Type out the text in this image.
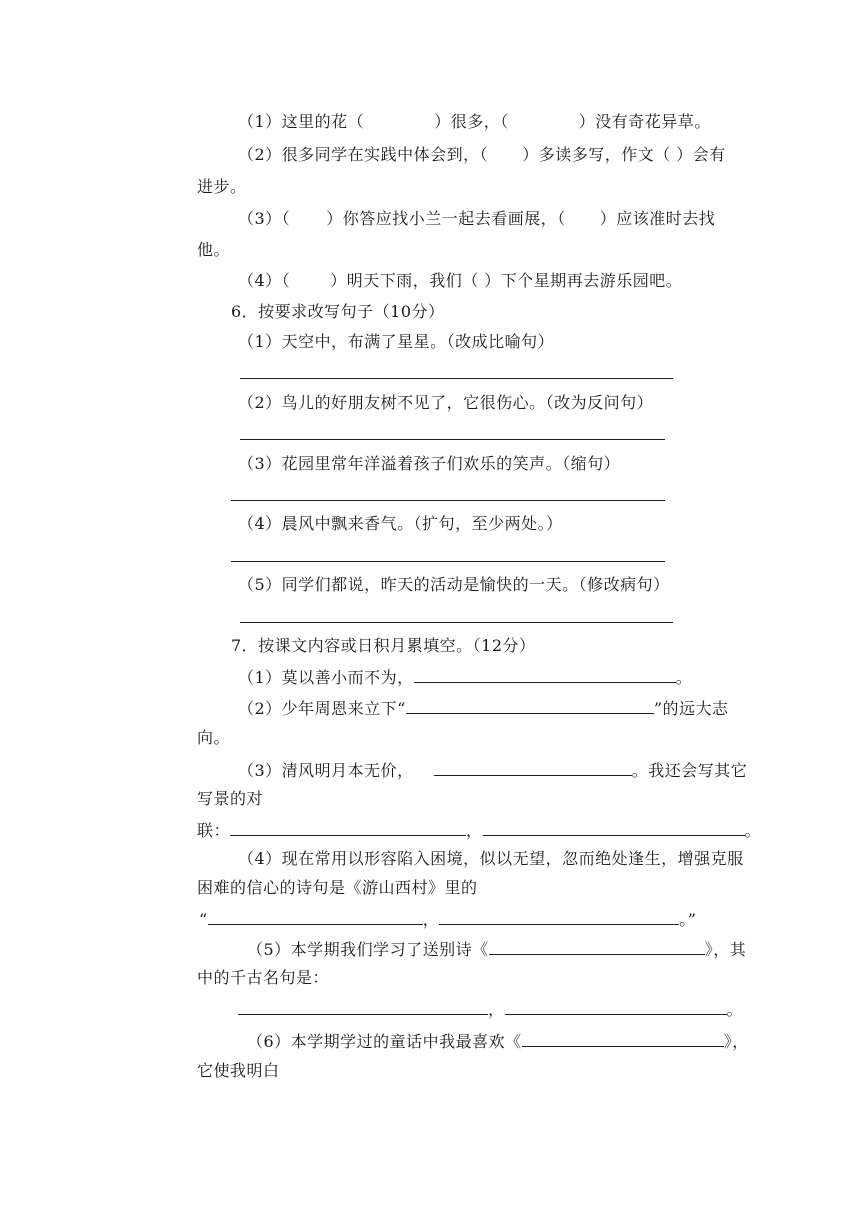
（1）这里的花（	）很多，（	）没有奇花异草。
（2）很多同学在实践中体会到，（ ）多读多写，作文（ ）会有
进步。
（3）（ ）你答应找小兰一起去看画展，（ ）应该准时去找
他。
（4）（	）明天下雨，我们（ ）下个星期再去游乐园吧。
6．按要求改写句子（10分）
（1）天空中，布满了星星。（改成比喻句）
（2）鸟儿的好朋友树不见了，它很伤心。（改为反问句）
（3）花园里常年洋溢着孩子们欢乐的笑声。（缩句）
（4）晨风中飘来香气。（扩句，至少两处。）
（5）同学们都说，昨天的活动是愉快的一天。（修改病句）
7．按课文内容或日积月累填空。（12分）
（1）莫以善小而不为，	。
（2）少年周恩来立下“	”的远大志
向。
（3）清风明月本无价，	。我还会写其它
写景的对
联：	，	。
（4）现在常用以形容陷入困境，似以无望，忽而绝处逢生，增强克服
困难的信心的诗句是《游山西村》里的
“	，	。”
（5）本学期我们学习了送别诗《	》，其
中的千古名句是：
，	。
（6）本学期学过的童话中我最喜欢《	》，
它使我明白
